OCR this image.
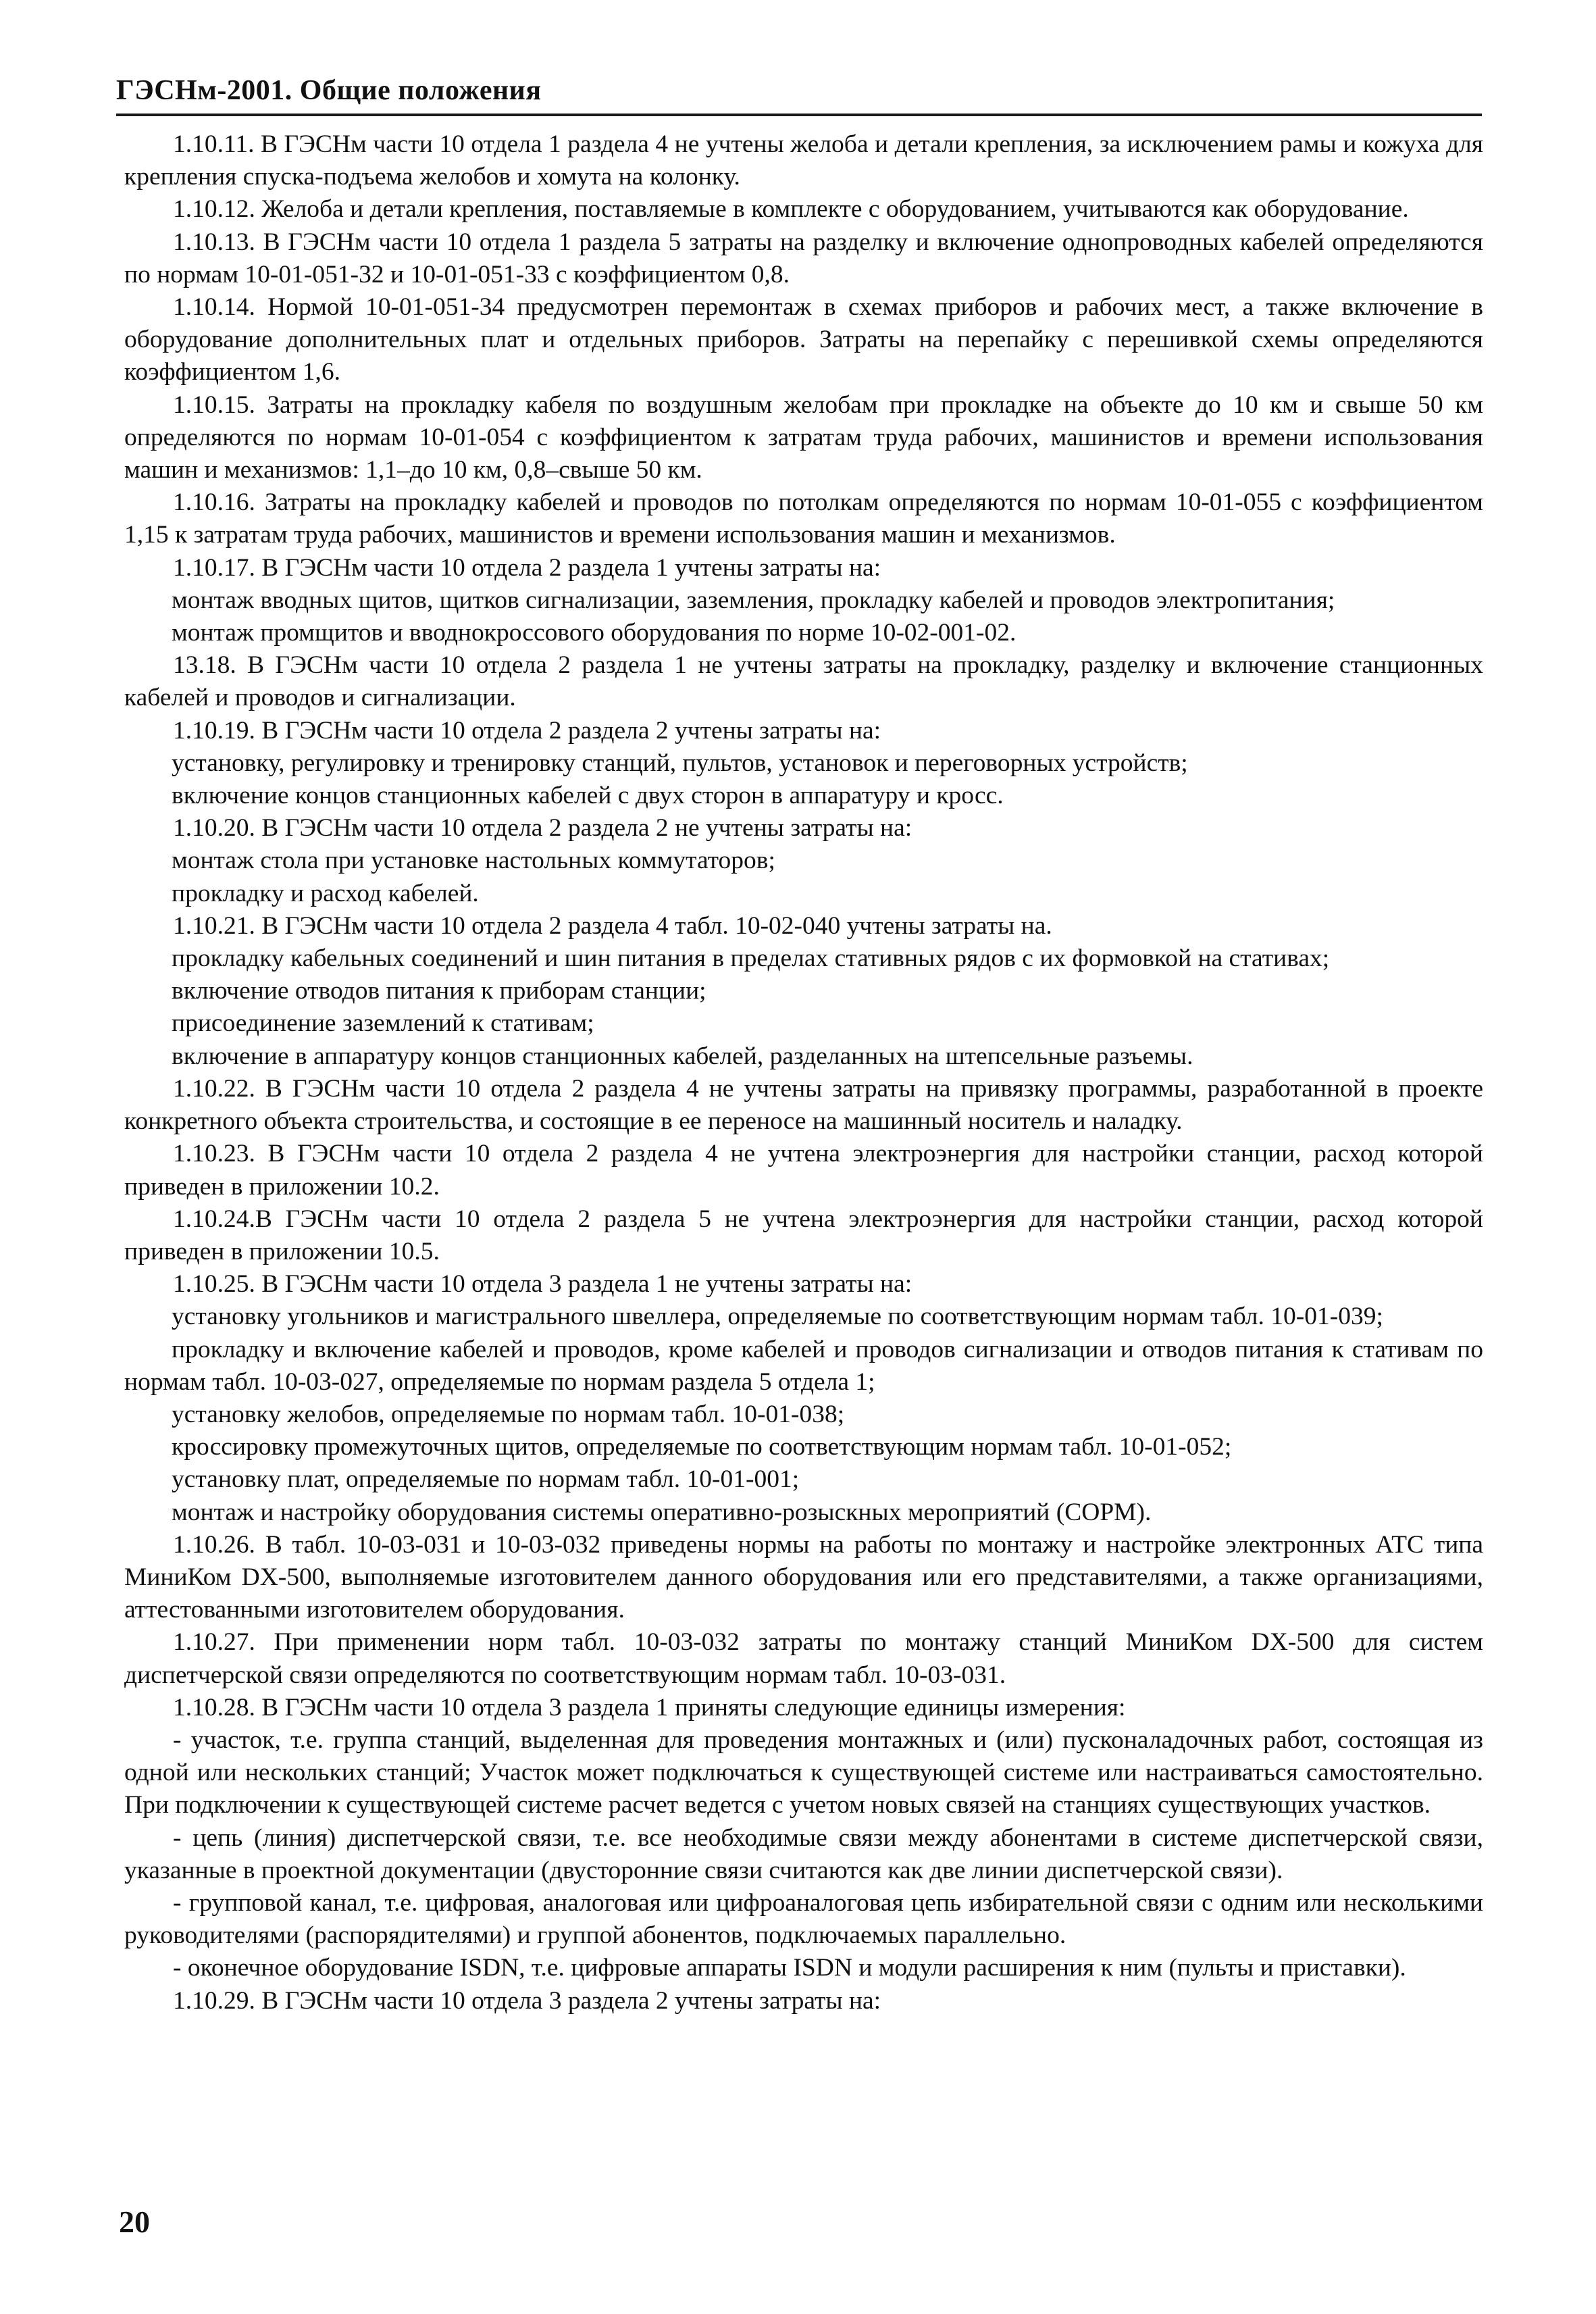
ГЭСНм-2001. Общие положения

1.10.11. В ГЭСНм части 10 отдела 1 раздела 4 не учтены желоба и детали крепления, за исключением рамы и кожуха для крепления спуска-подъема желобов и хомута на колонку.

1.10.12. Желоба и детали крепления, поставляемые в комплекте с оборудованием, учитываются как оборудование.

1.10.13. В ГЭСНм части 10 отдела 1 раздела 5 затраты на разделку и включение однопроводных кабелей определяются по нормам 10-01-051-32 и 10-01-051-33 с коэффициентом 0,8.

1.10.14. Нормой 10-01-051-34 предусмотрен перемонтаж в схемах приборов и рабочих мест, а также включение в оборудование дополнительных плат и отдельных приборов. Затраты на перепайку с перешивкой схемы определяются коэффициентом 1,6.

1.10.15. Затраты на прокладку кабеля по воздушным желобам при прокладке на объекте до 10 км и свыше 50 км определяются по нормам 10-01-054 с коэффициентом к затратам труда рабочих, машинистов и времени использования машин и механизмов: 1,1–до 10 км, 0,8–свыше 50 км.

1.10.16. Затраты на прокладку кабелей и проводов по потолкам определяются по нормам 10-01-055 с коэффициентом 1,15 к затратам труда рабочих, машинистов и времени использования машин и механизмов.

1.10.17. В ГЭСНм части 10 отдела 2 раздела 1 учтены затраты на:

монтаж вводных щитов, щитков сигнализации, заземления, прокладку кабелей и проводов электропитания;

монтаж промщитов и вводнокроссового оборудования по норме 10-02-001-02.

13.18. В ГЭСНм части 10 отдела 2 раздела 1 не учтены затраты на прокладку, разделку и включение станционных кабелей и проводов и сигнализации.

1.10.19. В ГЭСНм части 10 отдела 2 раздела 2 учтены затраты на:

установку, регулировку и тренировку станций, пультов, установок и переговорных устройств;

включение концов станционных кабелей с двух сторон в аппаратуру и кросс.

1.10.20. В ГЭСНм части 10 отдела 2 раздела 2 не учтены затраты на:

монтаж стола при установке настольных коммутаторов;

прокладку и расход кабелей.

1.10.21. В ГЭСНм части 10 отдела 2 раздела 4 табл. 10-02-040 учтены затраты на.

прокладку кабельных соединений и шин питания в пределах стативных рядов с их формовкой на стативах;

включение отводов питания к приборам станции;

присоединение заземлений к стативам;

включение в аппаратуру концов станционных кабелей, разделанных на штепсельные разъемы.

1.10.22. В ГЭСНм части 10 отдела 2 раздела 4 не учтены затраты на привязку программы, разработанной в проекте конкретного объекта строительства, и состоящие в ее переносе на машинный носитель и наладку.

1.10.23. В ГЭСНм части 10 отдела 2 раздела 4 не учтена электроэнергия для настройки станции, расход которой приведен в приложении 10.2.

1.10.24.В ГЭСНм части 10 отдела 2 раздела 5 не учтена электроэнергия для настройки станции, расход которой приведен в приложении 10.5.

1.10.25. В ГЭСНм части 10 отдела 3 раздела 1 не учтены затраты на:

установку угольников и магистрального швеллера, определяемые по соответствующим нормам табл. 10-01-039;

прокладку и включение кабелей и проводов, кроме кабелей и проводов сигнализации и отводов питания к стативам по нормам табл. 10-03-027, определяемые по нормам раздела 5 отдела 1;

установку желобов, определяемые по нормам табл. 10-01-038;

кроссировку промежуточных щитов, определяемые по соответствующим нормам табл. 10-01-052;

установку плат, определяемые по нормам табл. 10-01-001;

монтаж и настройку оборудования системы оперативно-розыскных мероприятий (СОРМ).

1.10.26. В табл. 10-03-031 и 10-03-032 приведены нормы на работы по монтажу и настройке электронных АТС типа МиниКом DX-500, выполняемые изготовителем данного оборудования или его представителями, а также организациями, аттестованными изготовителем оборудования.

1.10.27. При применении норм табл. 10-03-032 затраты по монтажу станций МиниКом DX-500 для систем диспетчерской связи определяются по соответствующим нормам табл. 10-03-031.

1.10.28. В ГЭСНм части 10 отдела 3 раздела 1 приняты следующие единицы измерения:

- участок, т.е. группа станций, выделенная для проведения монтажных и (или) пусконаладочных работ, состоящая из одной или нескольких станций; Участок может подключаться к существующей системе или настраиваться самостоятельно. При подключении к существующей системе расчет ведется с учетом новых связей на станциях существующих участков.

- цепь (линия) диспетчерской связи, т.е. все необходимые связи между абонентами в системе диспетчерской связи, указанные в проектной документации (двусторонние связи считаются как две линии диспетчерской связи).

- групповой канал, т.е. цифровая, аналоговая или цифроаналоговая цепь избирательной связи с одним или несколькими руководителями (распорядителями) и группой абонентов, подключаемых параллельно.

- оконечное оборудование ISDN, т.е. цифровые аппараты ISDN и модули расширения к ним (пульты и приставки).

1.10.29. В ГЭСНм части 10 отдела 3 раздела 2 учтены затраты на:

20
